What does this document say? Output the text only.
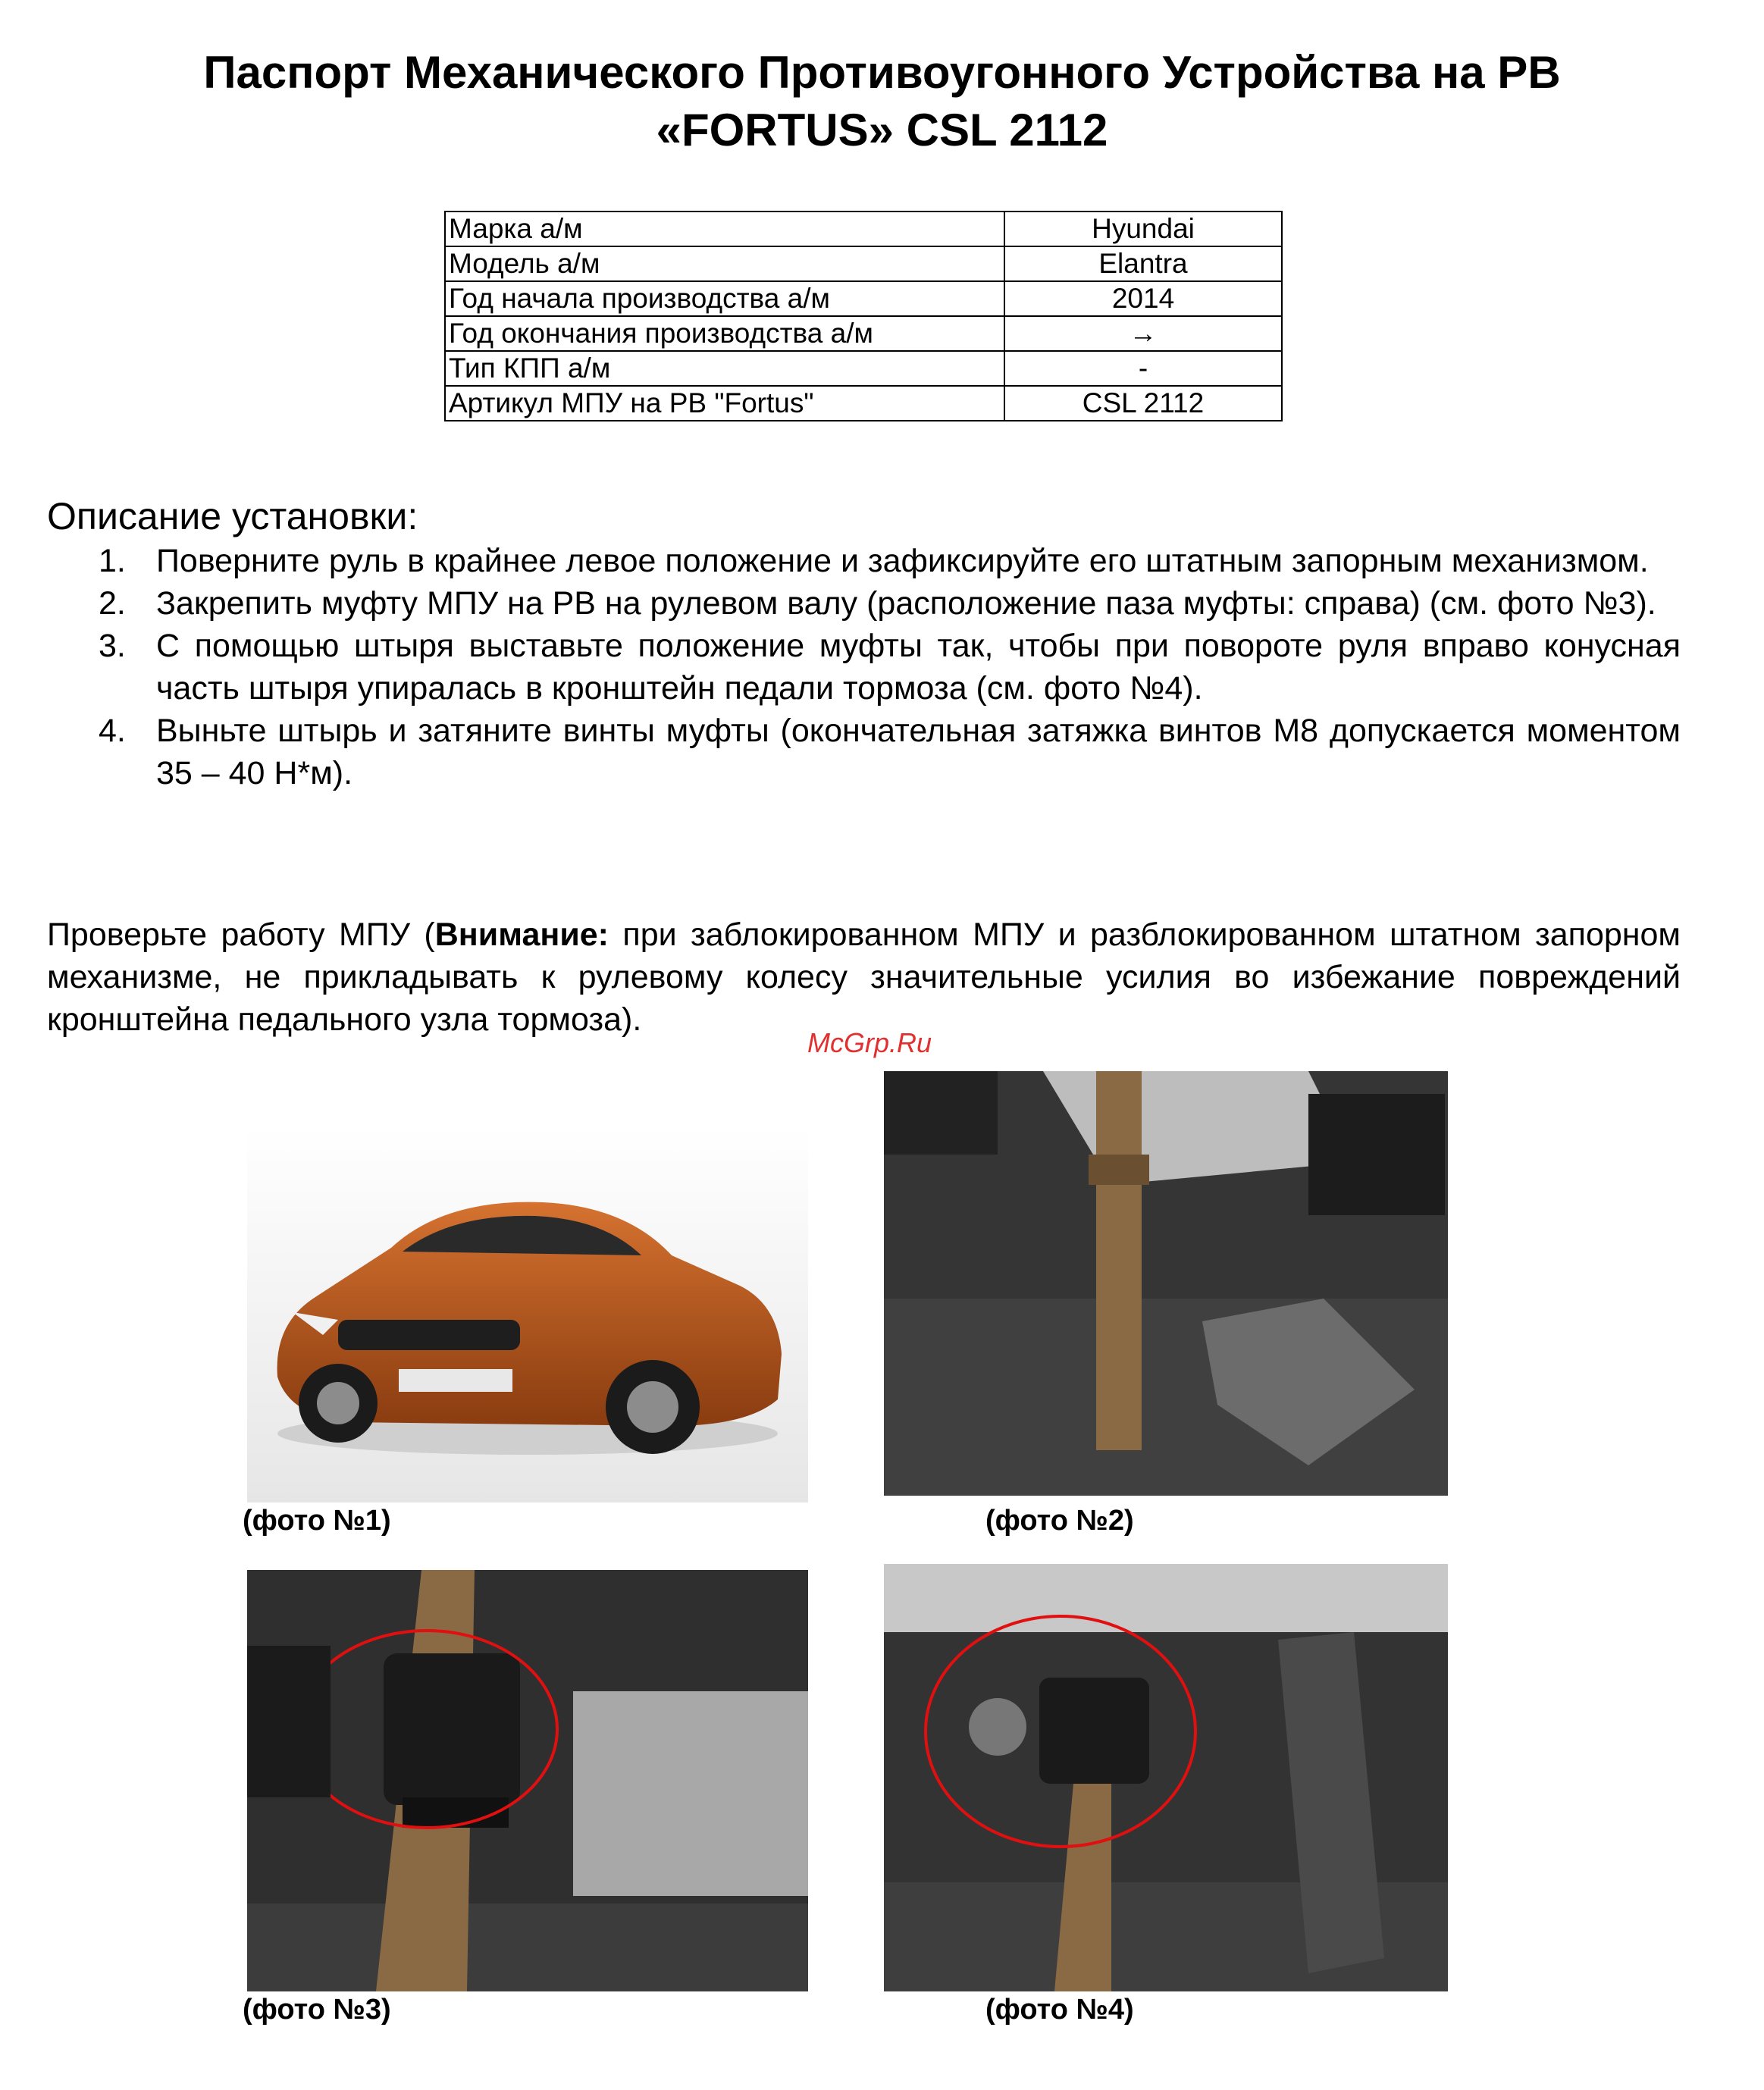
Паспорт Механического Противоугонного Устройства на РВ
«FORTUS» CSL 2112
Марка а/м	Hyundai
Модель а/м	Elantra
Год начала производства а/м	2014
Год окончания производства а/м	→
Тип КПП а/м	-
Артикул МПУ на РВ "Fortus"	CSL 2112
Описание установки:
1. Поверните руль в крайнее левое положение и зафиксируйте его штатным запорным механизмом.
2. Закрепить муфту МПУ на РВ на рулевом валу (расположение паза муфты: справа) (см. фото №3).
3. С помощью штыря выставьте положение муфты так, чтобы при повороте руля вправо конусная часть штыря упиралась в кронштейн педали тормоза (см. фото №4).
4. Выньте штырь и затяните винты муфты (окончательная затяжка винтов М8 допускается моментом 35 – 40 Н*м).
Проверьте работу МПУ (Внимание: при заблокированном МПУ и разблокированном штатном запорном механизме, не прикладывать к рулевому колесу значительные усилия во избежание повреждений кронштейна педального узла тормоза).
McGrp.Ru
(фото №1)	(фото №2)
(фото №3)	(фото №4)
